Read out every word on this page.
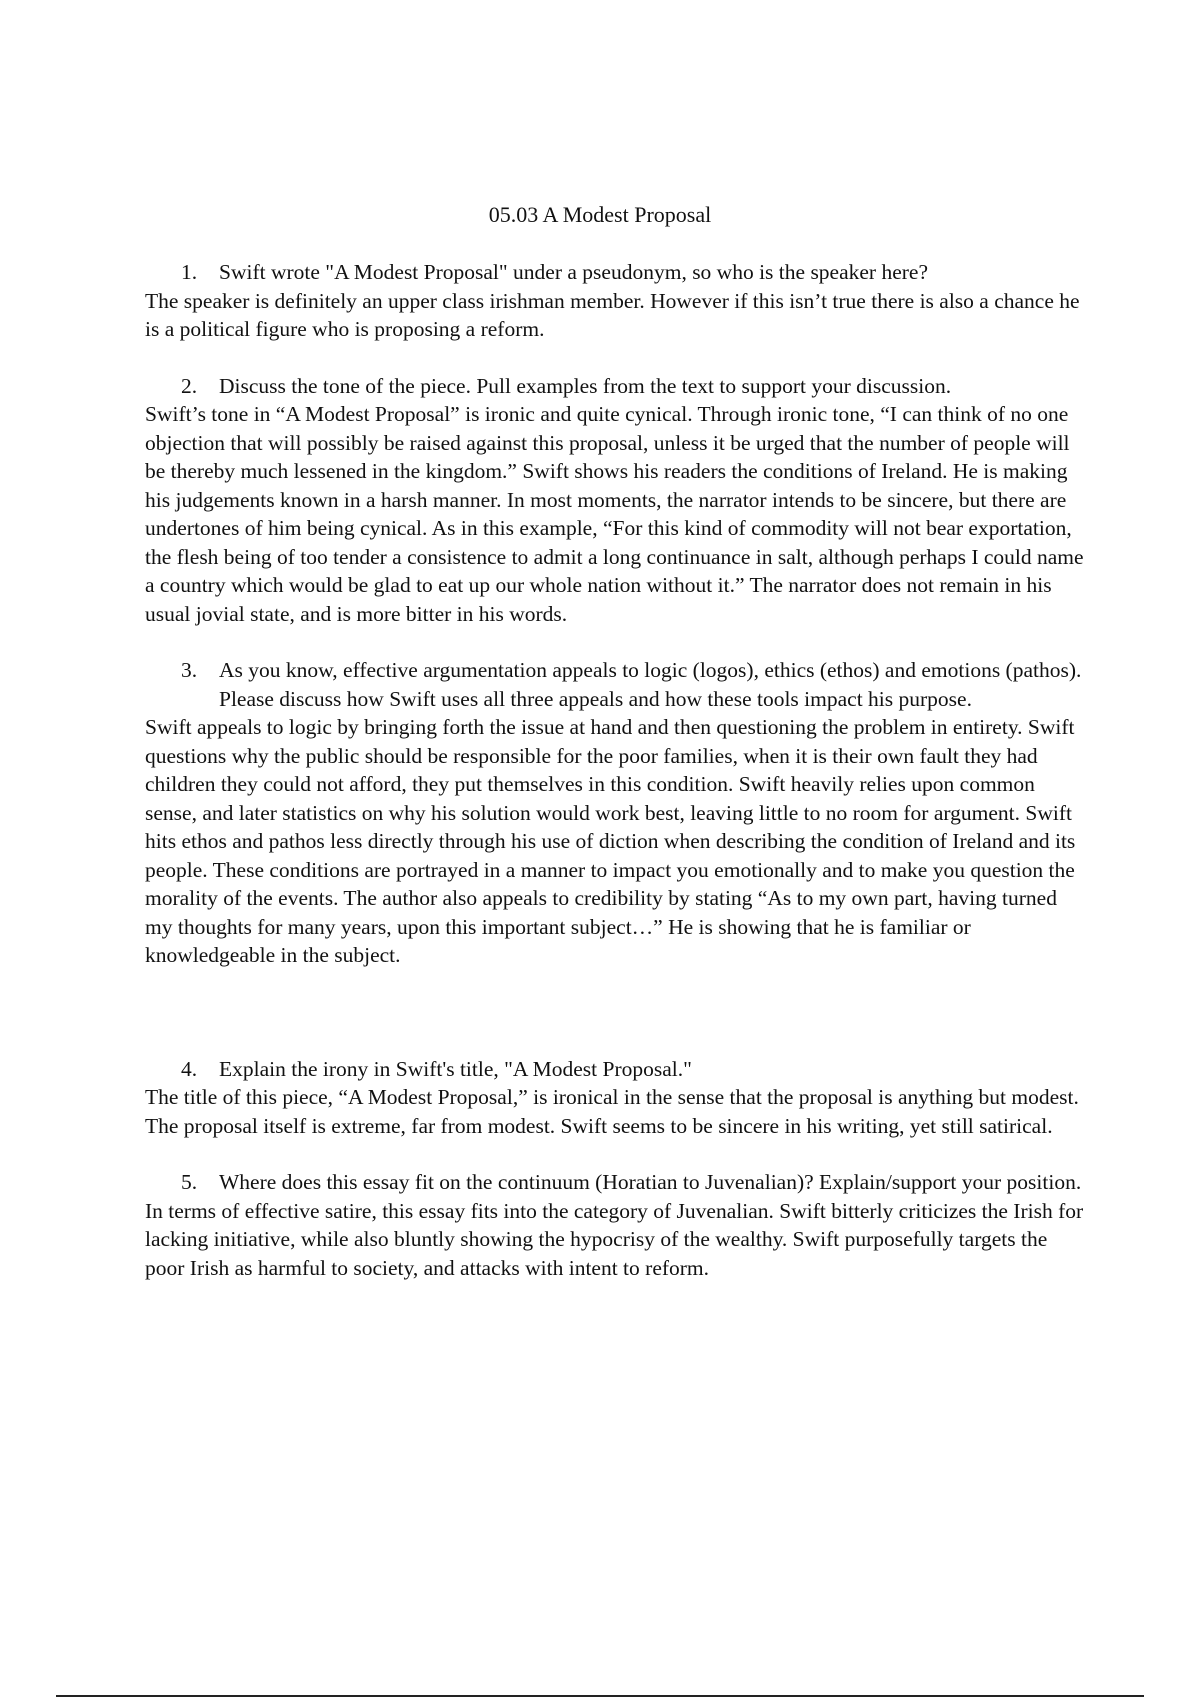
05.03 A Modest Proposal

1. Swift wrote "A Modest Proposal" under a pseudonym, so who is the speaker here?

The speaker is definitely an upper class irishman member. However if this isn’t true there is also a chance he is a political figure who is proposing a reform.

2. Discuss the tone of the piece. Pull examples from the text to support your discussion.

Swift’s tone in “A Modest Proposal” is ironic and quite cynical. Through ironic tone, “I can think of no one objection that will possibly be raised against this proposal, unless it be urged that the number of people will be thereby much lessened in the kingdom.” Swift shows his readers the conditions of Ireland. He is making his judgements known in a harsh manner. In most moments, the narrator intends to be sincere, but there are undertones of him being cynical. As in this example, “For this kind of commodity will not bear exportation, the flesh being of too tender a consistence to admit a long continuance in salt, although perhaps I could name a country which would be glad to eat up our whole nation without it.” The narrator does not remain in his usual jovial state, and is more bitter in his words.

3. As you know, effective argumentation appeals to logic (logos), ethics (ethos) and emotions (pathos). Please discuss how Swift uses all three appeals and how these tools impact his purpose.

Swift appeals to logic by bringing forth the issue at hand and then questioning the problem in entirety. Swift questions why the public should be responsible for the poor families, when it is their own fault they had children they could not afford, they put themselves in this condition. Swift heavily relies upon common sense, and later statistics on why his solution would work best, leaving little to no room for argument. Swift hits ethos and pathos less directly through his use of diction when describing the condition of Ireland and its people. These conditions are portrayed in a manner to impact you emotionally and to make you question the morality of the events. The author also appeals to credibility by stating “As to my own part, having turned my thoughts for many years, upon this important subject…” He is showing that he is familiar or knowledgeable in the subject.

4. Explain the irony in Swift's title, "A Modest Proposal."

The title of this piece, “A Modest Proposal,” is ironical in the sense that the proposal is anything but modest. The proposal itself is extreme, far from modest. Swift seems to be sincere in his writing, yet still satirical.

5. Where does this essay fit on the continuum (Horatian to Juvenalian)? Explain/support your position.

In terms of effective satire, this essay fits into the category of Juvenalian. Swift bitterly criticizes the Irish for lacking initiative, while also bluntly showing the hypocrisy of the wealthy. Swift purposefully targets the poor Irish as harmful to society, and attacks with intent to reform.
